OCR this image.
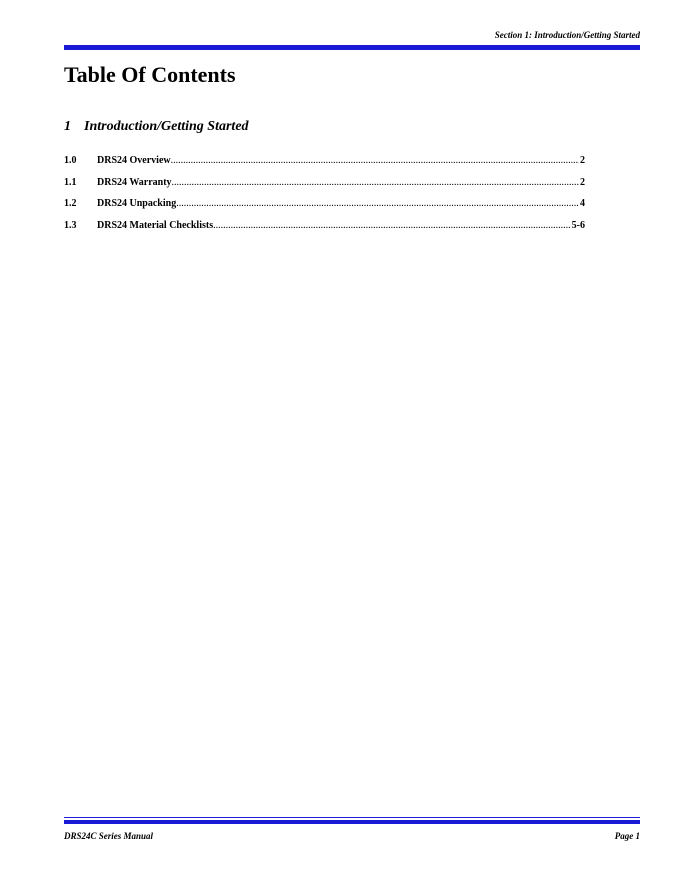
Section 1: Introduction/Getting Started
Table Of Contents
1 Introduction/Getting Started
1.0	DRS24 Overview .....	2
1.1	DRS24 Warranty .....	2
1.2	DRS24 Unpacking .....	4
1.3	DRS24 Material Checklists .....	5-6
DRS24C Series Manual	Page 1
